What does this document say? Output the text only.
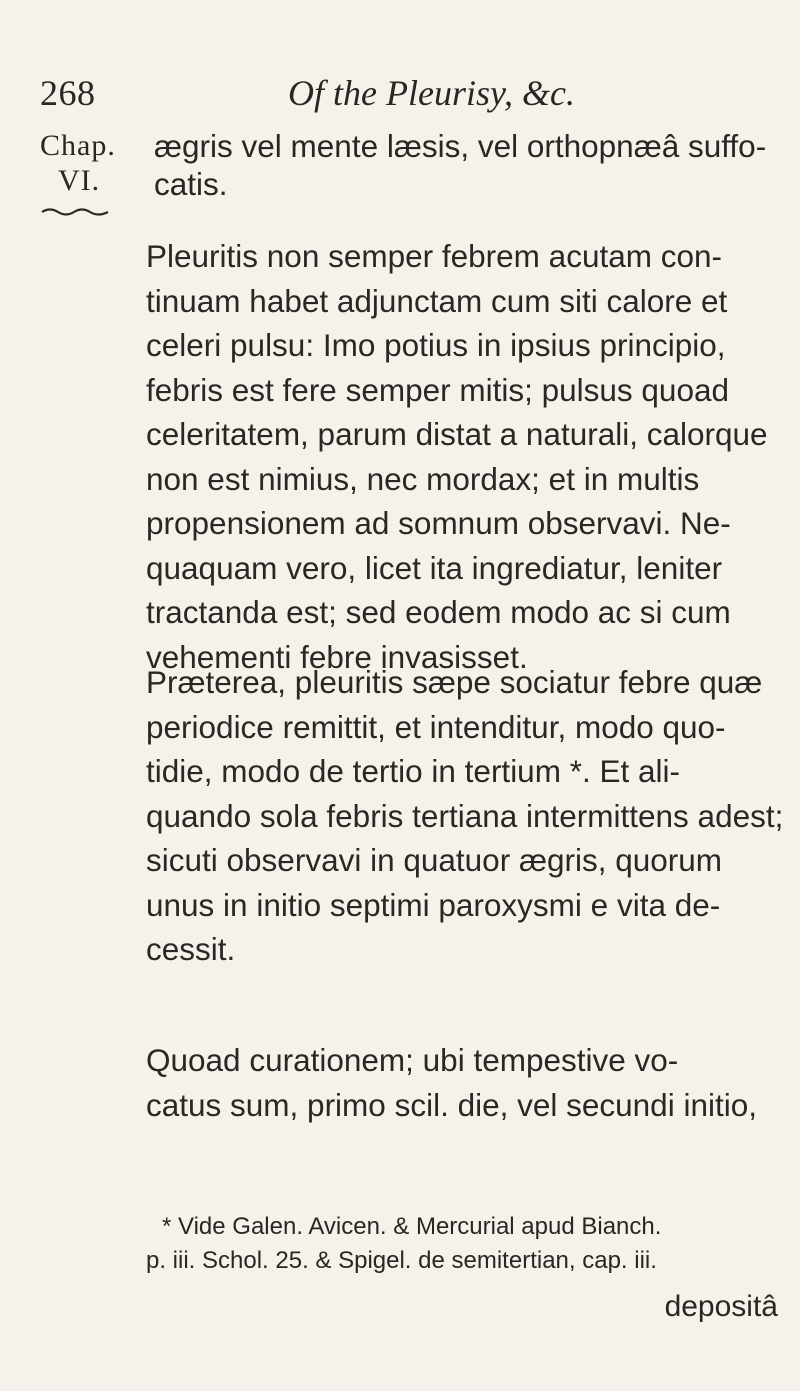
268	Of the Pleurisy, &c.
Chap.
VI.
ægris vel mente læsis, vel orthopnæâ suffo-
catis.
Pleuritis non semper febrem acutam con-
tinuam habet adjunctam cum siti calore et
celeri pulsu: Imo potius in ipsius principio,
febris est fere semper mitis; pulsus quoad
celeritatem, parum distat a naturali, calorque
non est nimius, nec mordax; et in multis
propensionem ad somnum observavi. Ne-
quaquam vero, licet ita ingrediatur, leniter
tractanda est; sed eodem modo ac si cum
vehementi febre invasisset.
Præterea, pleuritis sæpe sociatur febre quæ
periodice remittit, et intenditur, modo quo-
tidie, modo de tertio in tertium *. Et ali-
quando sola febris tertiana intermittens adest;
sicuti observavi in quatuor ægris, quorum
unus in initio septimi paroxysmi e vita de-
cessit.
Quoad curationem; ubi tempestive vo-
catus sum, primo scil. die, vel secundi initio,
* Vide Galen. Avicen. & Mercurial apud Bianch.
p. iii. Schol. 25. & Spigel. de semitertian, cap. iii.
depositâ
